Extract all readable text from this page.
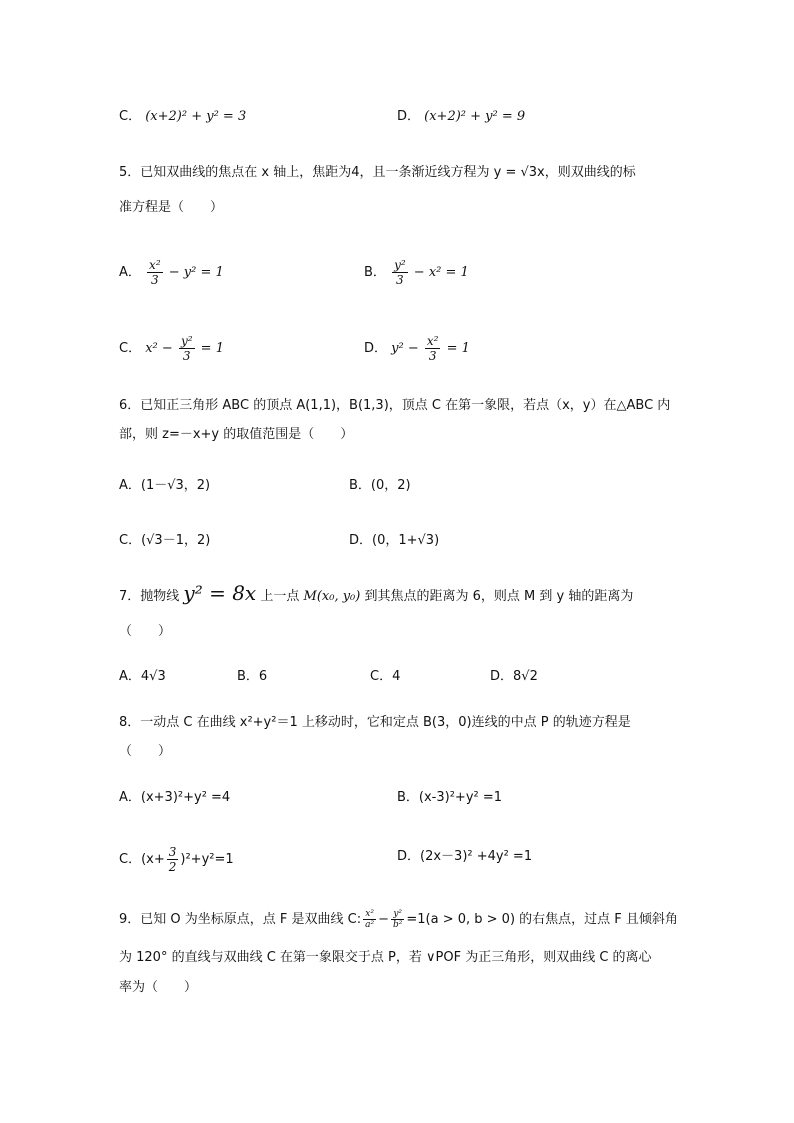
C． (x+2)² + y² = 3	D． (x+2)² + y² = 9
5．已知双曲线的焦点在 x 轴上，焦距为4，且一条渐近线方程为 y = √3x，则双曲线的标
准方程是（　　）
A． $\frac{\text{x²}}{3} - y^2 = 1$	B． $\frac{\text{y²}}{3} - x^2 = 1$
C． $x^2 - \frac{\text{y²}}{3} = 1$	D． $y^2 - \frac{\text{x²}}{3} = 1$
6．已知正三角形 ABC 的顶点 A(1,1)，B(1,3)，顶点 C 在第一象限，若点（x，y）在△ABC 内
部，则 z=－x+y 的取值范围是（　　）
A．(1－√3，2)	B．(0，2)
C．(√3－1，2)	D．(0，1+√3)
7．抛物线 y² = 8x 上一点 M(x₀, y₀) 到其焦点的距离为 6，则点 M 到 y 轴的距离为
（　　）
A．4√3	B．6	C．4	D．8√2
8．一动点 C 在曲线 x²+y²＝1 上移动时，它和定点 B(3，0)连线的中点 P 的轨迹方程是
（　　）
A．(x+3)²+y² =4	B．(x-3)²+y² =1
C．$(x+ \frac{3}{2} )^2+y^2=1$	D．(2x－3)² +4y² =1
9．已知 O 为坐标原点，点 F 是双曲线 C: $\frac{\text{x²}}{\text{a²}} - \frac{\text{y²}}{\text{b²}} =1(a > 0$, b > 0) 的右焦点，过点 F 且倾斜角
为 120° 的直线与双曲线 C 在第一象限交于点 P，若 ∨POF 为正三角形，则双曲线 C 的离心
率为（　　）
